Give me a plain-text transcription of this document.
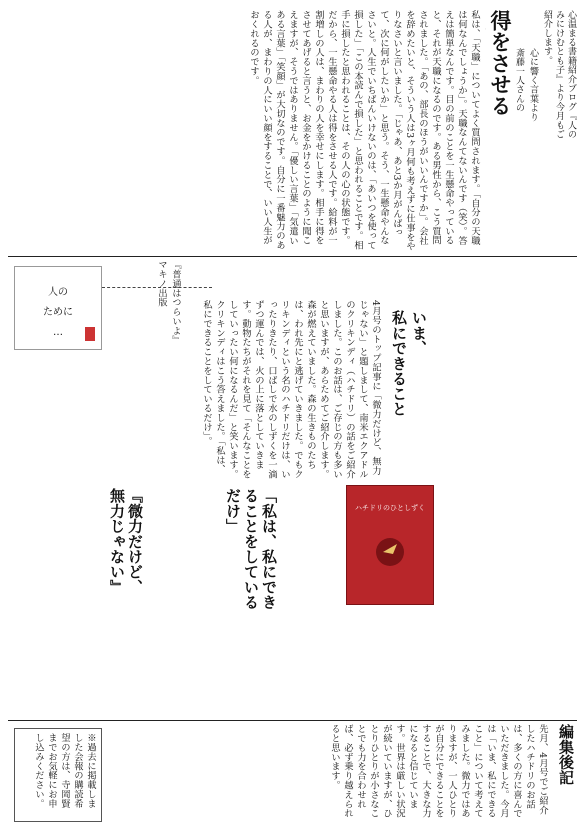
得をさせる	心に響く言葉より
斎藤一人さんの	心温まる書籍紹介ブログ『人のみにけむとも子』より今月もご紹介します。
私は、「天職」についてよく質問されます。「自分の天職は何なんでしょうか」。天職なんてないんです（笑）。答えは簡単なんです。目の前のことを一生懸命やっていると、それが天職になるのです。ある男性から、こう質問されました。「あの、部長のほうがいいんですか」。会社を辞めたいと、そういう人は3ヶ月何も考えずに仕事をやりなさいと言いました。「じゃあ、あと3か月がんばって、次に何がしたいか」と思う。そう、一生懸命やんなさいと。人生でいちばんいけないのは、「あいつを使って損した」「この本読んで損した」と思われることです。相手に損したと思われることは、その人の心の状態です。だから、一生懸命やる人は得をさせる人です。給料が一割増しの人は、まわりの人を幸せにします。相手に得をさせてあげると言うと、お金をかけることのように聞こえますが、そうではありません。「優しい言葉」「気遣いある言葉」「笑顔」が大切なのです。自分に一番魅力のある人が、まわりの人にいい顔をすることで、いい人生がおくれるのです。
人の
ために
…	『普通はつらいよ』
マキノ出版
いま、
私にできること
4月号のトップ記事に「微力だけど、無力じゃない」と題しまして、南米エクアドルのクリキンディ（ハチドリ）の話をご紹介しました。このお話は、ご存じの方も多いと思いますが、あらためてご紹介します。森が燃えていました。森の生きものたちは、われ先にと逃げていきました。でもクリキンディという名のハチドリだけは、いったりきたり、口ばしで水のしずくを一滴ずつ運んでは、火の上に落としていきます。動物たちがそれを見て「そんなことをしていったい何になるんだ」と笑います。クリキンディはこう答えました。「私は、私にできることをしているだけ」。
『微力だけど、無力じゃない』	ハチドリのひとしずく
「私は、私にできることをしているだけ」
編集後記
先月、4月号でご紹介したハチドリのお話は、多くの方に喜んでいただきました。今月は「いま、私にできること」について考えてみました。微力ではありますが、一人ひとりが自分にできることをすることで、大きな力になると信じています。世界は厳しい状況が続いていますが、ひとりひとりが小さなことでも力を合わせれば、必ず乗り越えられると思います。
※過去に掲載しました会報の購読希望の方は、寺岡賢までお気軽にお申し込みください。
